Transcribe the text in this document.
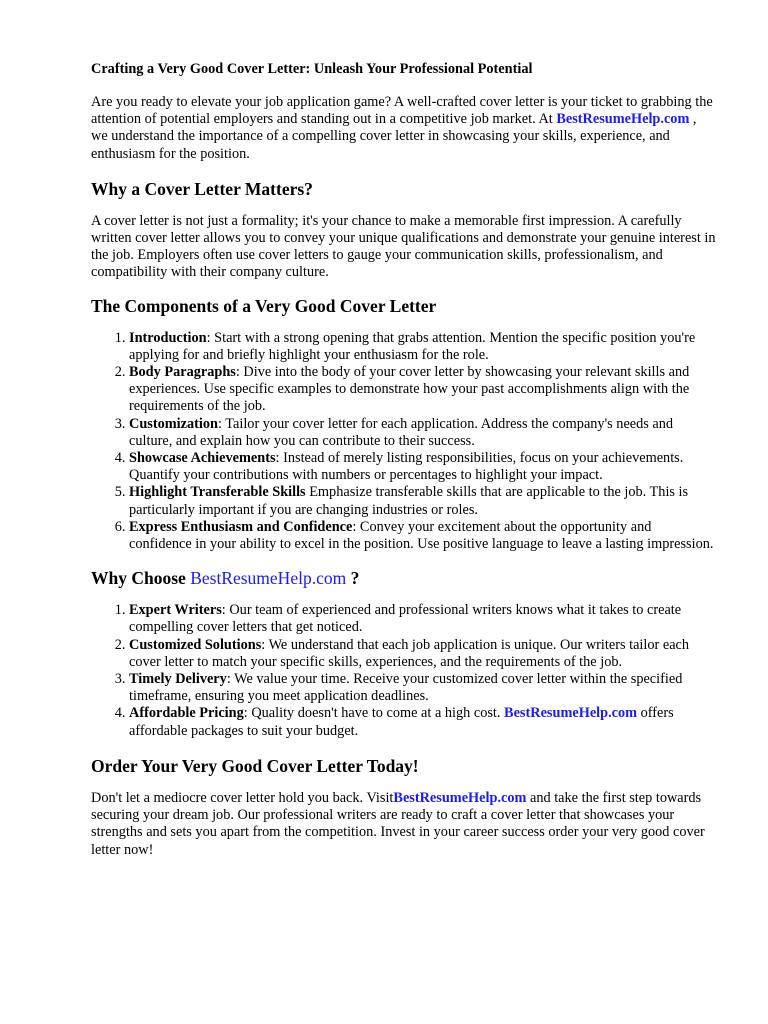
Crafting a Very Good Cover Letter: Unleash Your Professional Potential

Are you ready to elevate your job application game? A well-crafted cover letter is your ticket to grabbing the attention of potential employers and standing out in a competitive job market. At BestResumeHelp.com , we understand the importance of a compelling cover letter in showcasing your skills, experience, and enthusiasm for the position.

Why a Cover Letter Matters?

A cover letter is not just a formality; it's your chance to make a memorable first impression. A carefully written cover letter allows you to convey your unique qualifications and demonstrate your genuine interest in the job. Employers often use cover letters to gauge your communication skills, professionalism, and compatibility with their company culture.

The Components of a Very Good Cover Letter
1. Introduction: Start with a strong opening that grabs attention. Mention the specific position you're applying for and briefly highlight your enthusiasm for the role.
2. Body Paragraphs: Dive into the body of your cover letter by showcasing your relevant skills and experiences. Use specific examples to demonstrate how your past accomplishments align with the requirements of the job.
3. Customization: Tailor your cover letter for each application. Address the company's needs and culture, and explain how you can contribute to their success.
4. Showcase Achievements: Instead of merely listing responsibilities, focus on your achievements. Quantify your contributions with numbers or percentages to highlight your impact.
5. Highlight Transferable Skills Emphasize transferable skills that are applicable to the job. This is particularly important if you are changing industries or roles.
6. Express Enthusiasm and Confidence: Convey your excitement about the opportunity and confidence in your ability to excel in the position. Use positive language to leave a lasting impression.
Why Choose BestResumeHelp.com ?
1. Expert Writers: Our team of experienced and professional writers knows what it takes to create compelling cover letters that get noticed.
2. Customized Solutions: We understand that each job application is unique. Our writers tailor each cover letter to match your specific skills, experiences, and the requirements of the job.
3. Timely Delivery: We value your time. Receive your customized cover letter within the specified timeframe, ensuring you meet application deadlines.
4. Affordable Pricing: Quality doesn't have to come at a high cost. BestResumeHelp.com offers affordable packages to suit your budget.
Order Your Very Good Cover Letter Today!

Don't let a mediocre cover letter hold you back. VisitBestResumeHelp.com and take the first step towards securing your dream job. Our professional writers are ready to craft a cover letter that showcases your strengths and sets you apart from the competition. Invest in your career success order your very good cover letter now!
